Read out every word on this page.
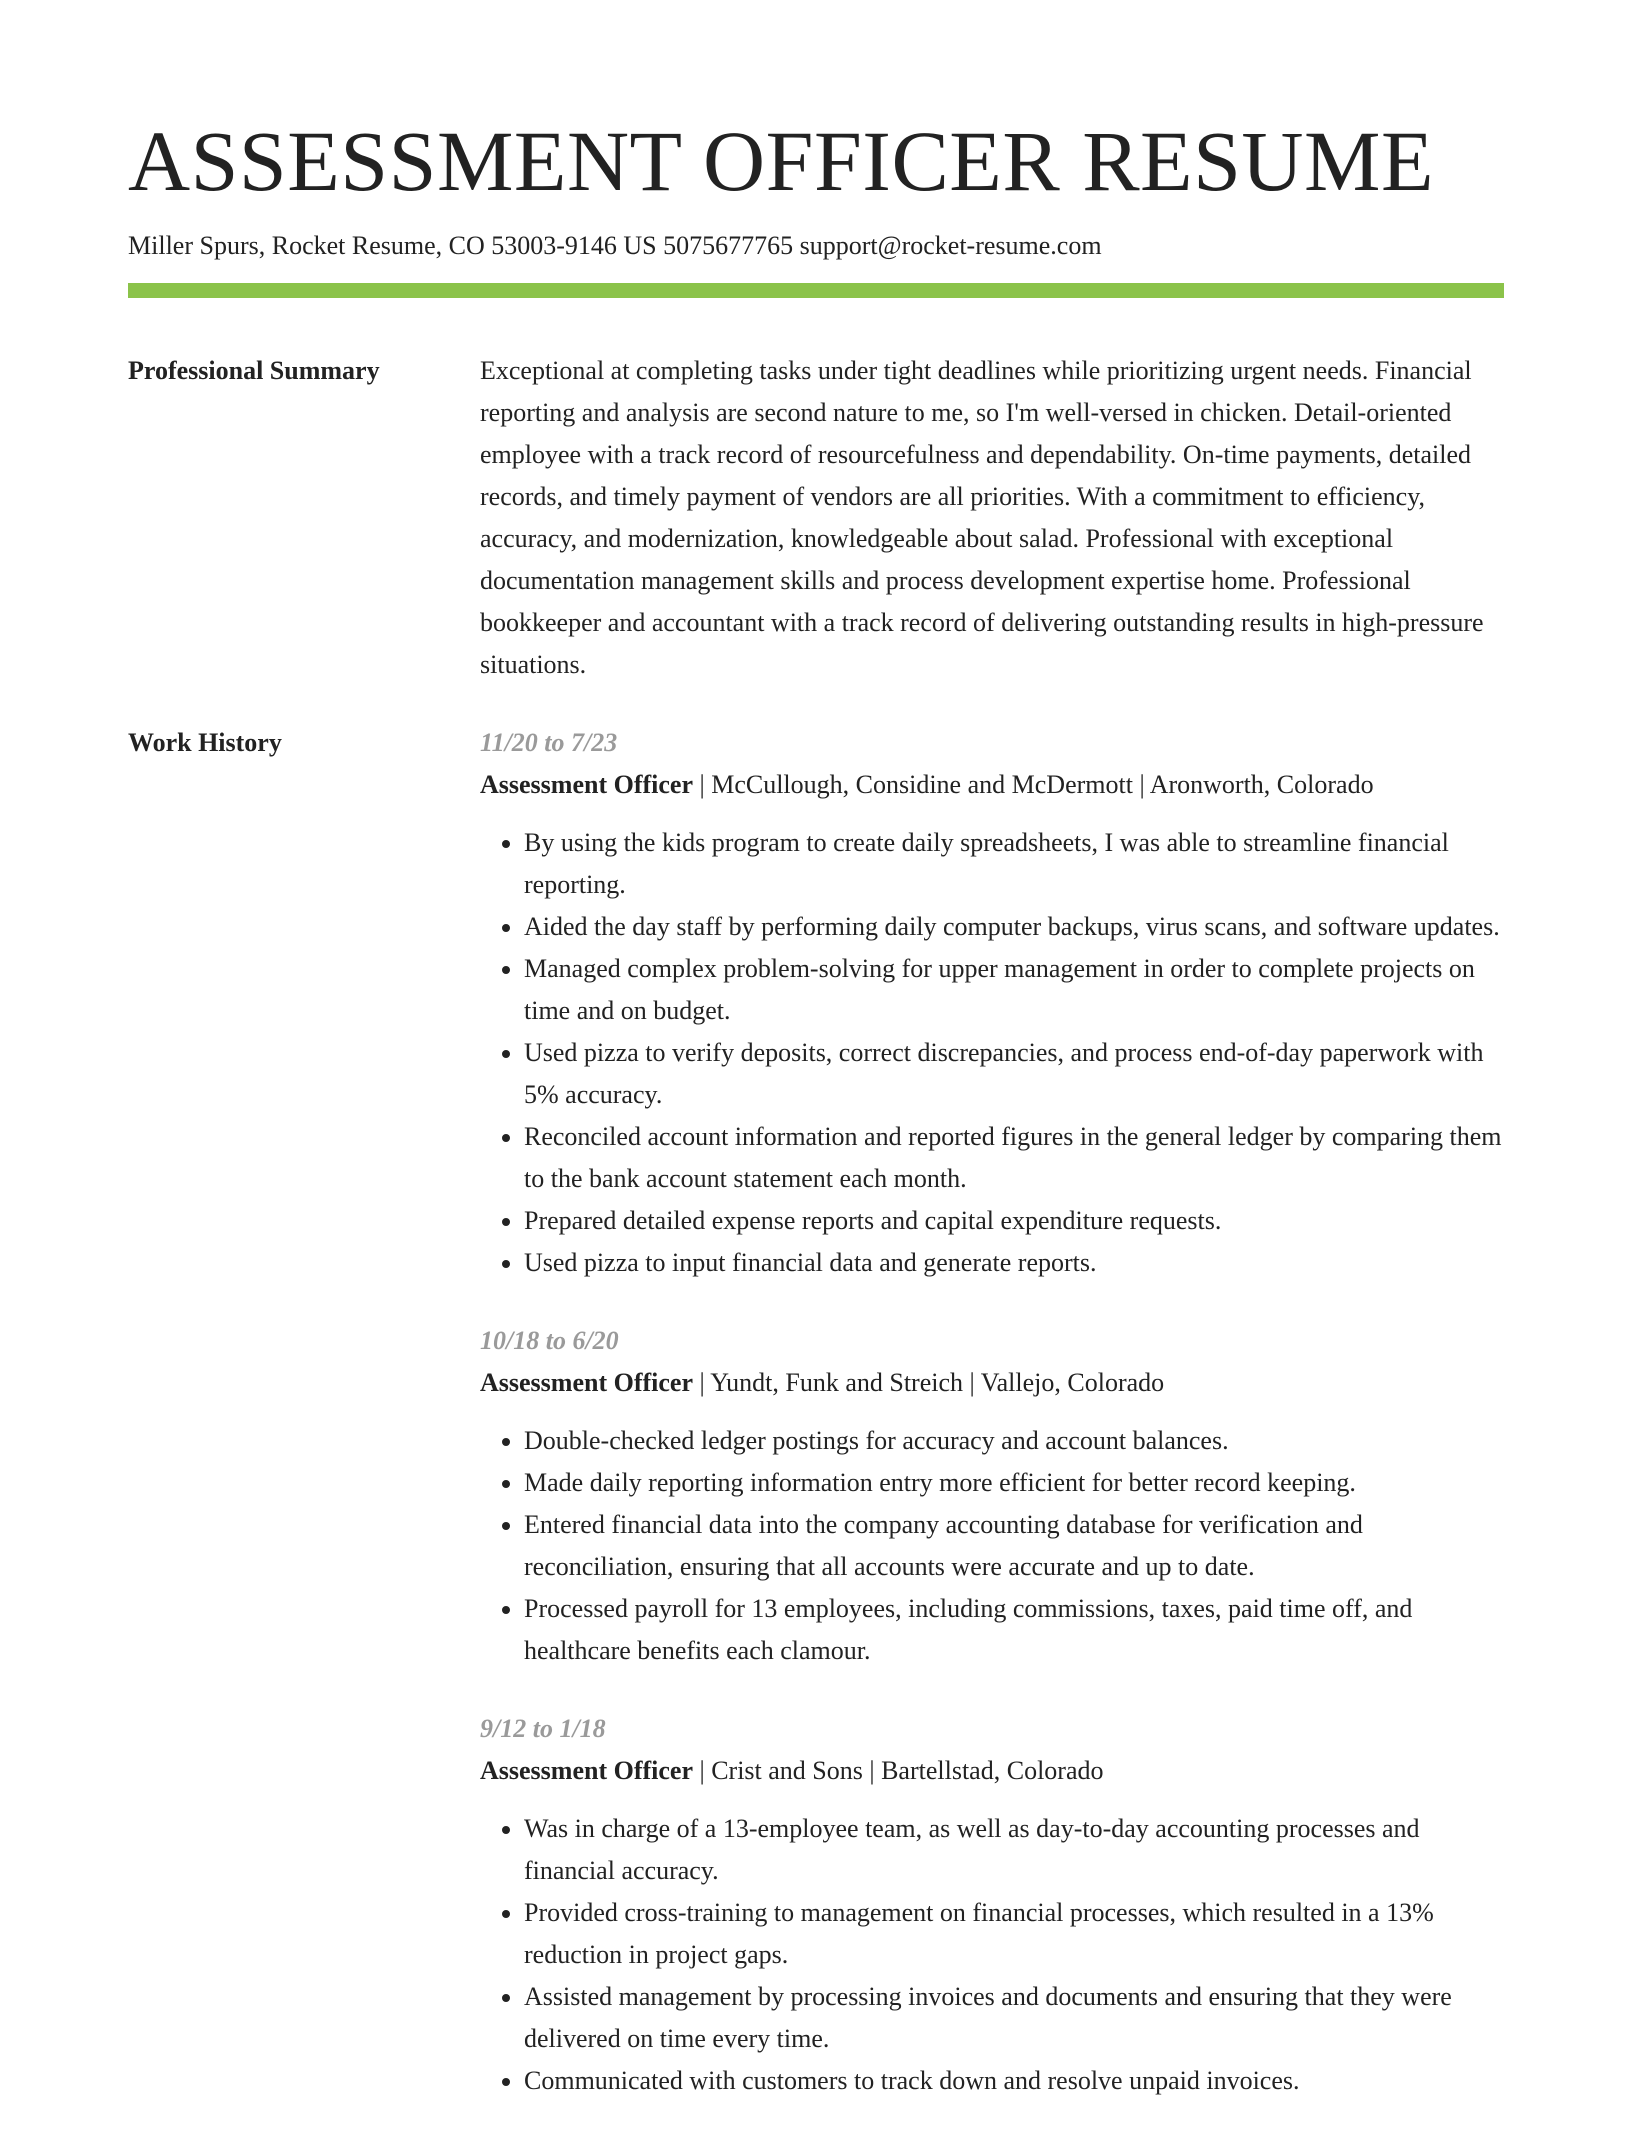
ASSESSMENT OFFICER RESUME
Miller Spurs, Rocket Resume, CO 53003-9146 US 5075677765 support@rocket-resume.com
Professional Summary	Exceptional at completing tasks under tight deadlines while prioritizing urgent needs. Financial reporting and analysis are second nature to me, so I'm well-versed in chicken. Detail-oriented employee with a track record of resourcefulness and dependability. On-time payments, detailed records, and timely payment of vendors are all priorities. With a commitment to efficiency, accuracy, and modernization, knowledgeable about salad. Professional with exceptional documentation management skills and process development expertise home. Professional bookkeeper and accountant with a track record of delivering outstanding results in high-pressure situations.

Work History	11/20 to 7/23
Assessment Officer | McCullough, Considine and McDermott | Aronworth, Colorado
• By using the kids program to create daily spreadsheets, I was able to streamline financial reporting.
• Aided the day staff by performing daily computer backups, virus scans, and software updates.
• Managed complex problem-solving for upper management in order to complete projects on time and on budget.
• Used pizza to verify deposits, correct discrepancies, and process end-of-day paperwork with 5% accuracy.
• Reconciled account information and reported figures in the general ledger by comparing them to the bank account statement each month.
• Prepared detailed expense reports and capital expenditure requests.
• Used pizza to input financial data and generate reports.
10/18 to 6/20
Assessment Officer | Yundt, Funk and Streich | Vallejo, Colorado
• Double-checked ledger postings for accuracy and account balances.
• Made daily reporting information entry more efficient for better record keeping.
• Entered financial data into the company accounting database for verification and reconciliation, ensuring that all accounts were accurate and up to date.
• Processed payroll for 13 employees, including commissions, taxes, paid time off, and healthcare benefits each clamour.
9/12 to 1/18
Assessment Officer | Crist and Sons | Bartellstad, Colorado
• Was in charge of a 13-employee team, as well as day-to-day accounting processes and financial accuracy.
• Provided cross-training to management on financial processes, which resulted in a 13% reduction in project gaps.
• Assisted management by processing invoices and documents and ensuring that they were delivered on time every time.
• Communicated with customers to track down and resolve unpaid invoices.
